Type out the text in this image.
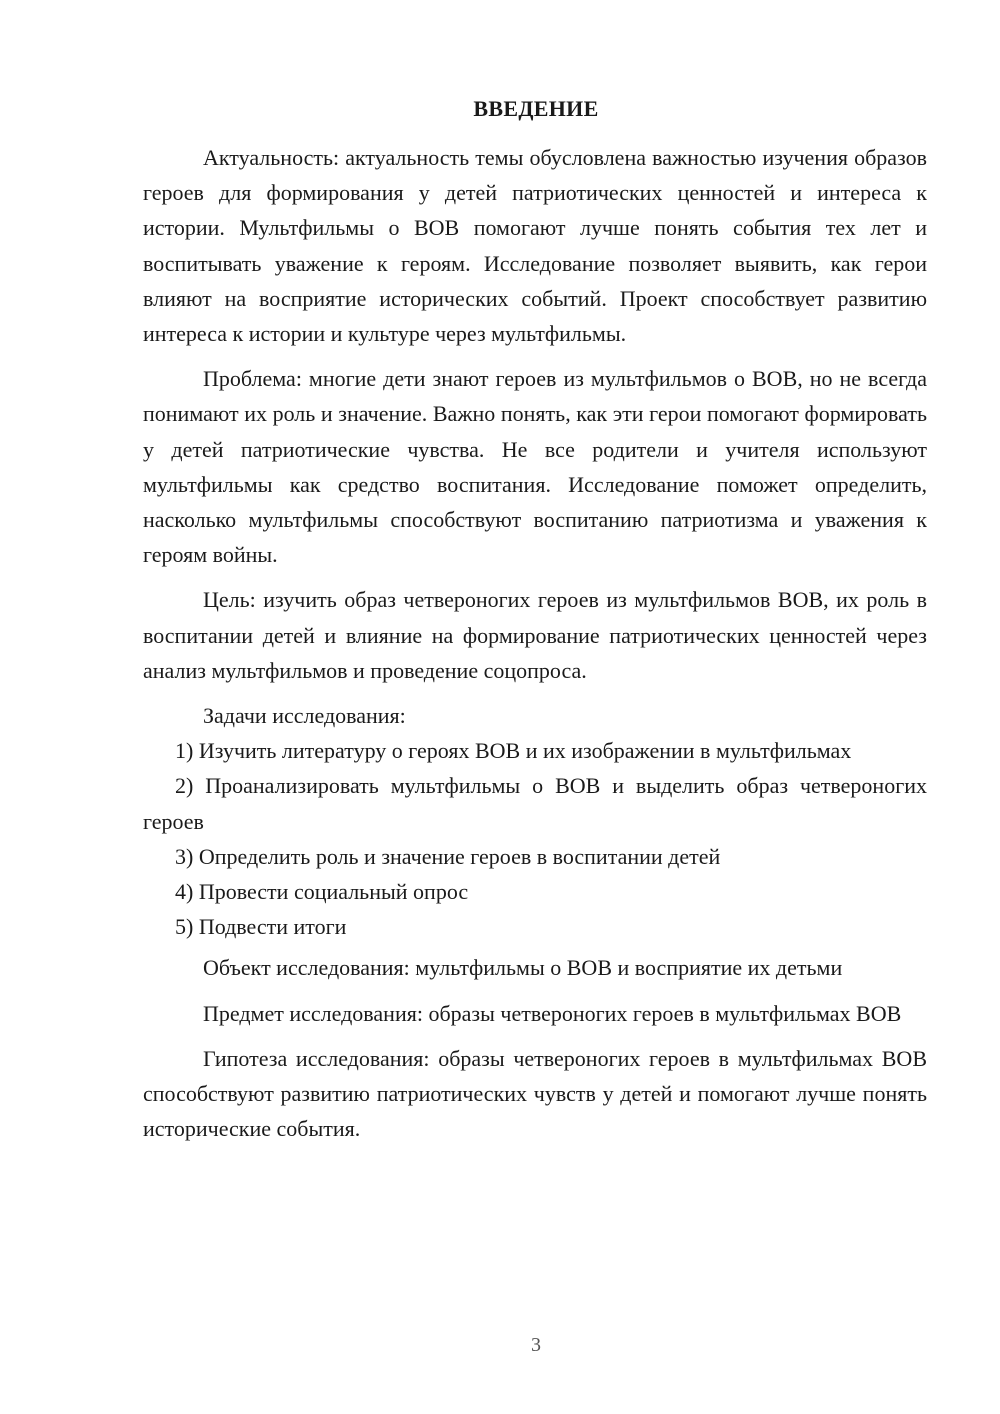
ВВЕДЕНИЕ

Актуальность: актуальность темы обусловлена важностью изучения образов героев для формирования у детей патриотических ценностей и интереса к истории. Мультфильмы о ВОВ помогают лучше понять события тех лет и воспитывать уважение к героям. Исследование позволяет выявить, как герои влияют на восприятие исторических событий. Проект способствует развитию интереса к истории и культуре через мультфильмы.

Проблема: многие дети знают героев из мультфильмов о ВОВ, но не всегда понимают их роль и значение. Важно понять, как эти герои помогают формировать у детей патриотические чувства. Не все родители и учителя используют мультфильмы как средство воспитания. Исследование поможет определить, насколько мультфильмы способствуют воспитанию патриотизма и уважения к героям войны.

Цель: изучить образ четвероногих героев из мультфильмов ВОВ, их роль в воспитании детей и влияние на формирование патриотических ценностей через анализ мультфильмов и проведение соцопроса.

Задачи исследования:

1) Изучить литературу о героях ВОВ и их изображении в мультфильмах

2) Проанализировать мультфильмы о ВОВ и выделить образ четвероногих героев

3) Определить роль и значение героев в воспитании детей

4) Провести социальный опрос

5) Подвести итоги

Объект исследования: мультфильмы о ВОВ и восприятие их детьми

Предмет исследования: образы четвероногих героев в мультфильмах ВОВ

Гипотеза исследования: образы четвероногих героев в мультфильмах ВОВ способствуют развитию патриотических чувств у детей и помогают лучше понять исторические события.

3
